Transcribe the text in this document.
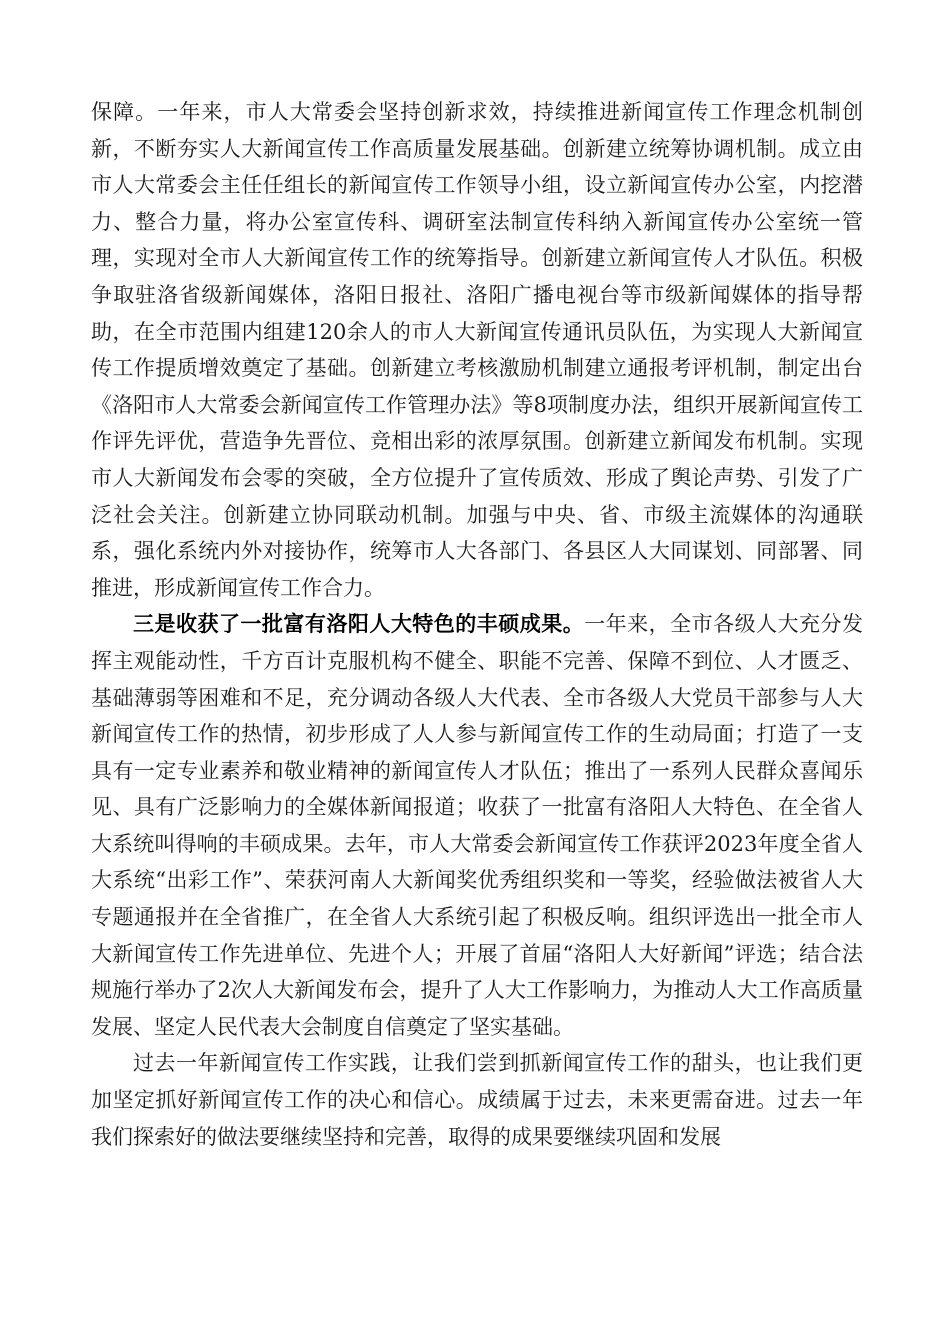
保障。一年来，市人大常委会坚持创新求效，持续推进新闻宣传工作理念机制创新，不断夯实人大新闻宣传工作高质量发展基础。创新建立统筹协调机制。成立由市人大常委会主任任组长的新闻宣传工作领导小组，设立新闻宣传办公室，内挖潜力、整合力量，将办公室宣传科、调研室法制宣传科纳入新闻宣传办公室统一管理，实现对全市人大新闻宣传工作的统筹指导。创新建立新闻宣传人才队伍。积极争取驻洛省级新闻媒体，洛阳日报社、洛阳广播电视台等市级新闻媒体的指导帮助，在全市范围内组建120余人的市人大新闻宣传通讯员队伍，为实现人大新闻宣传工作提质增效奠定了基础。创新建立考核激励机制建立通报考评机制，制定出台《洛阳市人大常委会新闻宣传工作管理办法》等8项制度办法，组织开展新闻宣传工作评先评优，营造争先晋位、竞相出彩的浓厚氛围。创新建立新闻发布机制。实现市人大新闻发布会零的突破，全方位提升了宣传质效、形成了舆论声势、引发了广泛社会关注。创新建立协同联动机制。加强与中央、省、市级主流媒体的沟通联系，强化系统内外对接协作，统筹市人大各部门、各县区人大同谋划、同部署、同推进，形成新闻宣传工作合力。

三是收获了一批富有洛阳人大特色的丰硕成果。一年来，全市各级人大充分发挥主观能动性，千方百计克服机构不健全、职能不完善、保障不到位、人才匮乏、基础薄弱等困难和不足，充分调动各级人大代表、全市各级人大党员干部参与人大新闻宣传工作的热情，初步形成了人人参与新闻宣传工作的生动局面；打造了一支具有一定专业素养和敬业精神的新闻宣传人才队伍；推出了一系列人民群众喜闻乐见、具有广泛影响力的全媒体新闻报道；收获了一批富有洛阳人大特色、在全省人大系统叫得响的丰硕成果。去年，市人大常委会新闻宣传工作获评2023年度全省人大系统“出彩工作”、荣获河南人大新闻奖优秀组织奖和一等奖，经验做法被省人大专题通报并在全省推广，在全省人大系统引起了积极反响。组织评选出一批全市人大新闻宣传工作先进单位、先进个人；开展了首届“洛阳人大好新闻”评选；结合法规施行举办了2次人大新闻发布会，提升了人大工作影响力，为推动人大工作高质量发展、坚定人民代表大会制度自信奠定了坚实基础。

过去一年新闻宣传工作实践，让我们尝到抓新闻宣传工作的甜头，也让我们更加坚定抓好新闻宣传工作的决心和信心。成绩属于过去，未来更需奋进。过去一年我们探索好的做法要继续坚持和完善，取得的成果要继续巩固和发展
